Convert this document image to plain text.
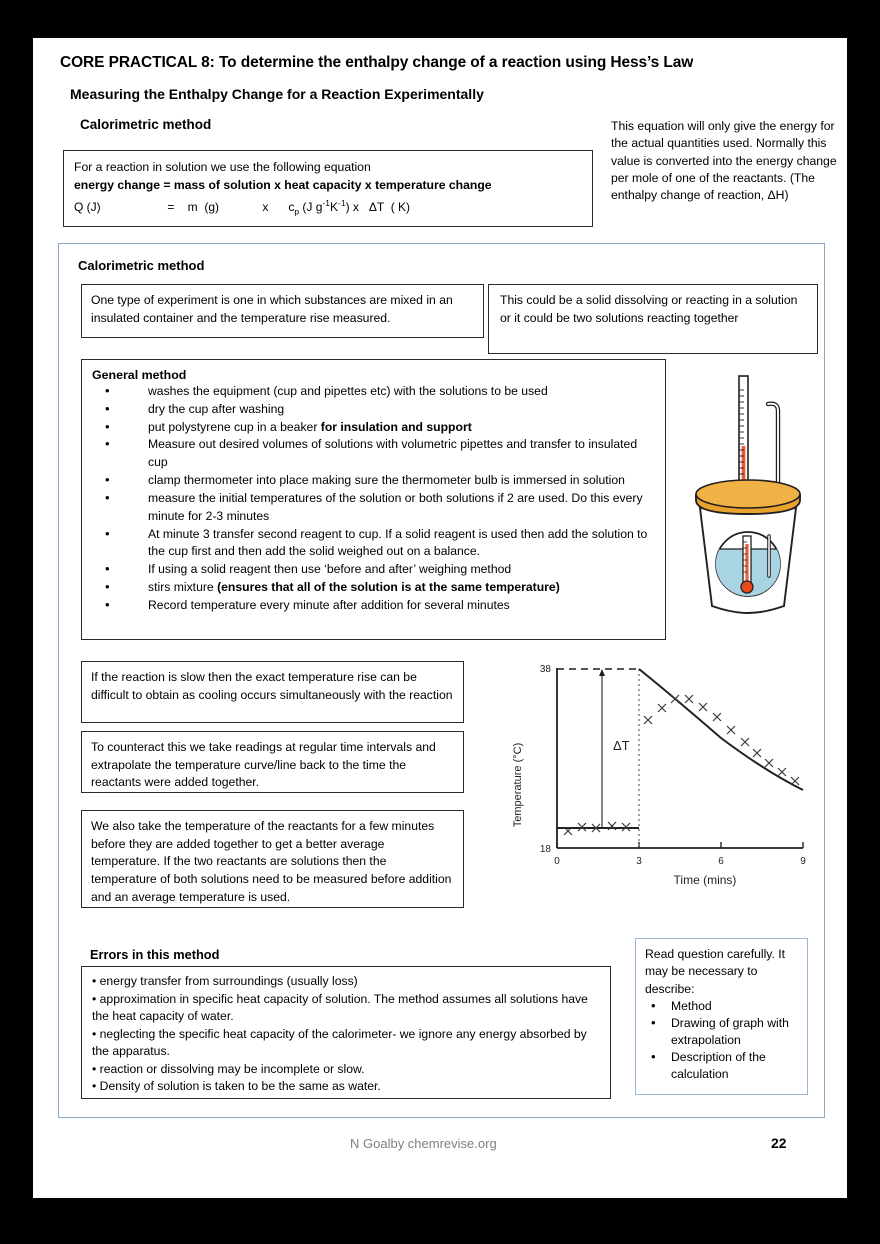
CORE PRACTICAL 8: To determine the enthalpy change of a reaction using Hess’s Law
Measuring the Enthalpy Change for a Reaction Experimentally
Calorimetric method
For a reaction in solution we use the following equation
energy change = mass of solution x heat capacity x temperature change
Q (J)                    =    m  (g)             x      $c_p$ (J $g^{-1}K^{-1}$) x   ΔT  ( K)
This equation will only give the energy for the actual quantities used. Normally this value is converted into the energy change per mole of one of the reactants. (The enthalpy change of reaction, ΔH)
Calorimetric method
One type of experiment is one in which substances are mixed in an insulated container and the temperature rise measured.
This could be a solid dissolving or reacting in a solution or it could be two solutions reacting together
General method
• washes the equipment (cup and pipettes etc) with the solutions to be used
• dry the cup after washing
• put polystyrene cup in a beaker for insulation and support
• Measure out desired volumes of solutions with volumetric pipettes and transfer to insulated cup
• clamp thermometer into place making sure the thermometer bulb is immersed in solution
• measure the initial temperatures of the solution or both solutions if 2 are used. Do this every minute for 2-3 minutes
• At minute 3 transfer second reagent to cup. If a solid reagent is used then add the solution to the cup first and then add the solid weighed out on a balance.
• If using a solid reagent then use ‘before and after’ weighing method
• stirs mixture (ensures that all of the solution is at the same temperature)
• Record temperature every minute after addition for several minutes
If the reaction is slow then the exact temperature rise can be difficult to obtain as cooling occurs simultaneously with the reaction
To counteract this we take readings at regular time intervals and extrapolate the temperature curve/line back to the time the reactants were added together.
We also take the temperature of the reactants for a few minutes before they are added together to get a better average temperature. If the two reactants are solutions then the temperature of both solutions need to be measured before addition and an average temperature is used.
Temperature (°C)
38
18
0	3	6	9
Time (mins)
ΔT
Errors in this method

• energy transfer from surroundings (usually loss)

• approximation in specific heat capacity of solution. The method assumes all solutions have the heat capacity of water.

• neglecting the specific heat capacity of the calorimeter- we ignore any energy absorbed by the apparatus.

• reaction or dissolving may be incomplete or slow.

• Density of solution is taken to be the same as water.

Read question carefully. It may be necessary to describe:
• Method
• Drawing of graph with extrapolation
• Description of the calculation
N Goalby chemrevise.org	22
